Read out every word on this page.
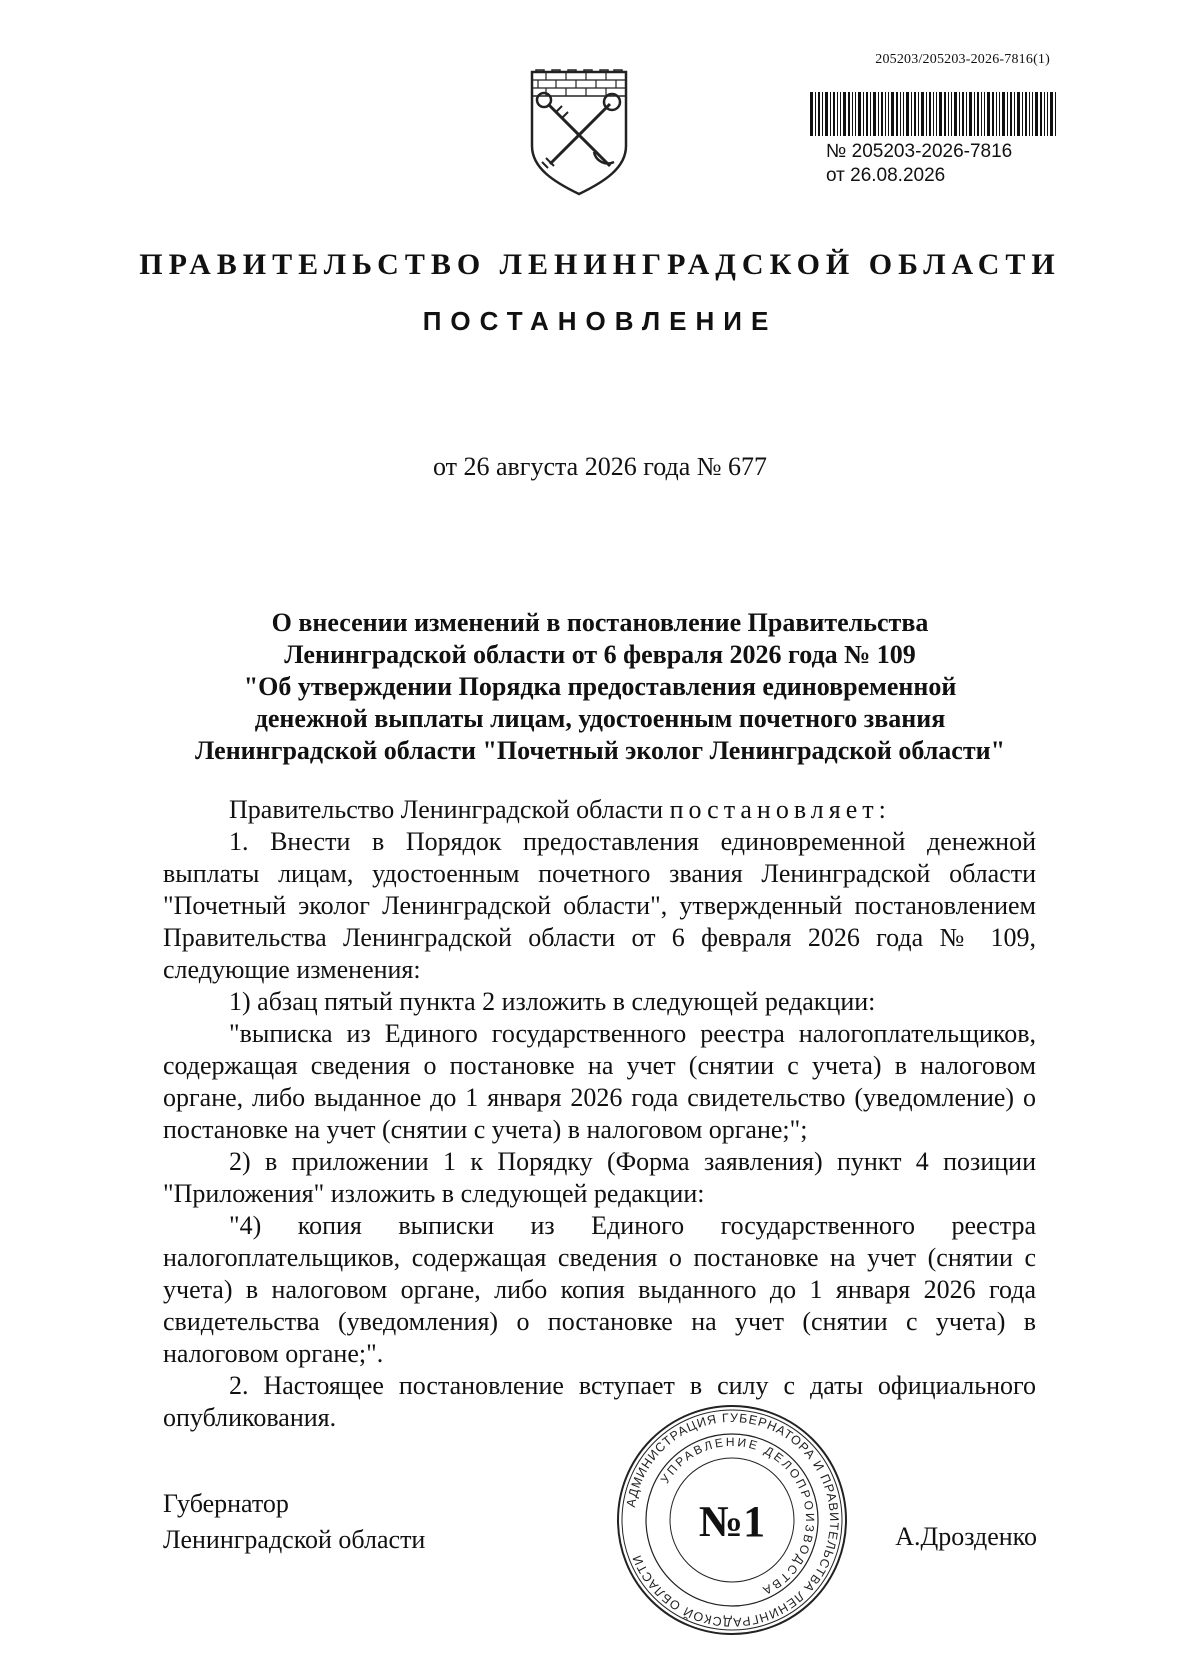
205203/205203-2026-7816(1)
№ 205203-2026-7816
от 26.08.2026
ПРАВИТЕЛЬСТВО ЛЕНИНГРАДСКОЙ ОБЛАСТИ
ПОСТАНОВЛЕНИЕ
от 26 августа 2026 года № 677
О внесении изменений в постановление Правительства
Ленинградской области от 6 февраля 2026 года № 109
"Об утверждении Порядка предоставления единовременной
денежной выплаты лицам, удостоенным почетного звания
Ленинградской области "Почетный эколог Ленинградской области"

Правительство Ленинградской области постановляет:

1. Внести в Порядок предоставления единовременной денежной выплаты лицам, удостоенным почетного звания Ленинградской области "Почетный эколог Ленинградской области", утвержденный постановлением Правительства Ленинградской области от 6 февраля 2026 года № 109, следующие изменения:

1) абзац пятый пункта 2 изложить в следующей редакции:

"выписка из Единого государственного реестра налогоплательщиков, содержащая сведения о постановке на учет (снятии с учета) в налоговом органе, либо выданное до 1 января 2026 года свидетельство (уведомление) о постановке на учет (снятии с учета) в налоговом органе;";

2) в приложении 1 к Порядку (Форма заявления) пункт 4 позиции "Приложения" изложить в следующей редакции:

"4) копия выписки из Единого государственного реестра налогоплательщиков, содержащая сведения о постановке на учет (снятии с учета) в налоговом органе, либо копия выданного до 1 января 2026 года свидетельства (уведомления) о постановке на учет (снятии с учета) в налоговом органе;".

2. Настоящее постановление вступает в силу с даты официального опубликования.

Губернатор
Ленинградской области
АДМИНИСТРАЦИЯ ГУБЕРНАТОРА И ПРАВИТЕЛЬСТВА ЛЕНИНГРАДСКОЙ ОБЛАСТИ
УПРАВЛЕНИЕ ДЕЛОПРОИЗВОДСТВА
№1	А.Дрозденко
